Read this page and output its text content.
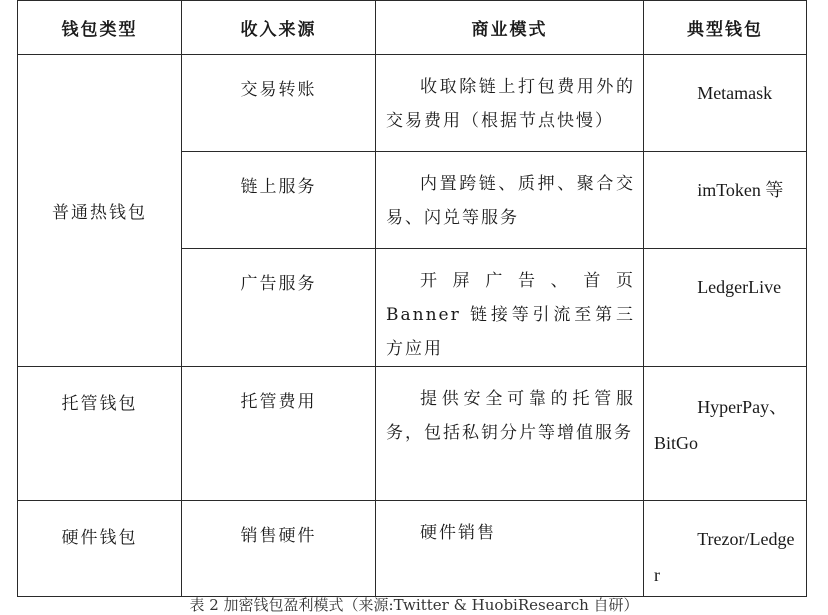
钱包类型	收入来源	商业模式	典型钱包
普通热钱包	交易转账	收取除链上打包费用外的交易费用（根据节点快慢）	Metamask

	链上服务	内置跨链、质押、聚合交易、闪兑等服务	imToken 等

	广告服务	开屏广告、首页 Banner 链接等引流至第三方应用	LedgerLive

托管钱包	托管费用	提供安全可靠的托管服务，包括私钥分片等增值服务	HyperPay、BitGo

硬件钱包	销售硬件	硬件销售	Trezor/Ledger
表 2 加密钱包盈利模式（来源:Twitter & HuobiResearch 自研）
